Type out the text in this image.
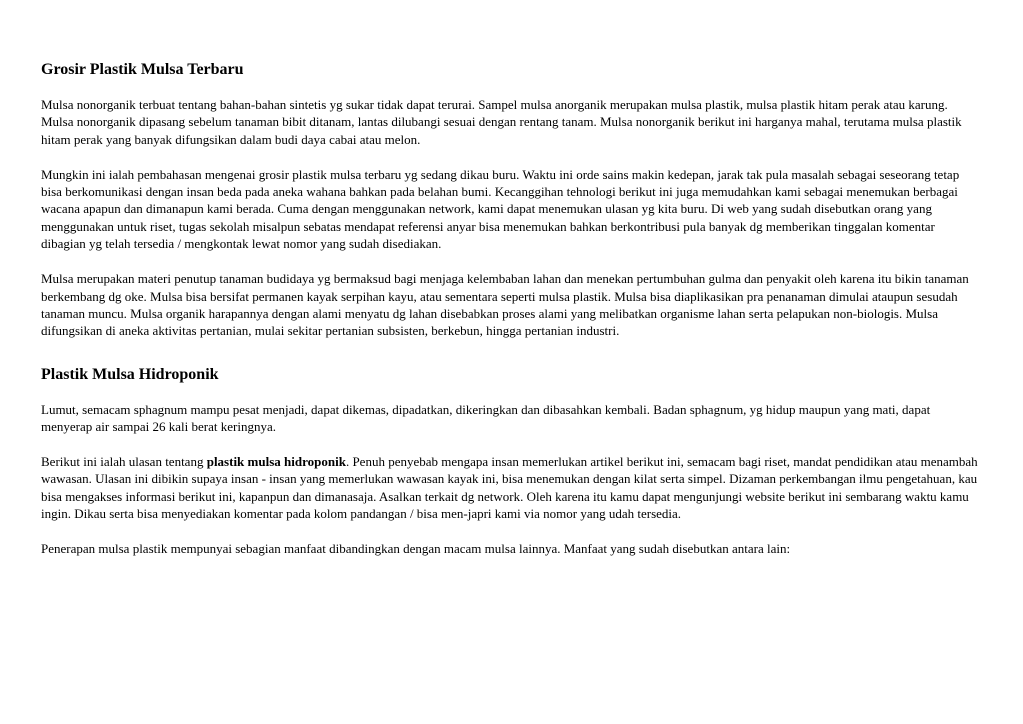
Grosir Plastik Mulsa Terbaru

Mulsa nonorganik terbuat tentang bahan-bahan sintetis yg sukar tidak dapat terurai. Sampel mulsa anorganik merupakan mulsa plastik, mulsa plastik hitam perak atau karung. Mulsa nonorganik dipasang sebelum tanaman bibit ditanam, lantas dilubangi sesuai dengan rentang tanam. Mulsa nonorganik berikut ini harganya mahal, terutama mulsa plastik hitam perak yang banyak difungsikan dalam budi daya cabai atau melon.

Mungkin ini ialah pembahasan mengenai grosir plastik mulsa terbaru yg sedang dikau buru. Waktu ini orde sains makin kedepan, jarak tak pula masalah sebagai seseorang tetap bisa berkomunikasi dengan insan beda pada aneka wahana bahkan pada belahan bumi. Kecanggihan tehnologi berikut ini juga memudahkan kami sebagai menemukan berbagai wacana apapun dan dimanapun kami berada. Cuma dengan menggunakan network, kami dapat menemukan ulasan yg kita buru. Di web yang sudah disebutkan orang yang menggunakan untuk riset, tugas sekolah misalpun sebatas mendapat referensi anyar bisa menemukan bahkan berkontribusi pula banyak dg memberikan tinggalan komentar dibagian yg telah tersedia / mengkontak lewat nomor yang sudah disediakan.

Mulsa merupakan materi penutup tanaman budidaya yg bermaksud bagi menjaga kelembaban lahan dan menekan pertumbuhan gulma dan penyakit oleh karena itu bikin tanaman berkembang dg oke. Mulsa bisa bersifat permanen kayak serpihan kayu, atau sementara seperti mulsa plastik. Mulsa bisa diaplikasikan pra penanaman dimulai ataupun sesudah tanaman muncu. Mulsa organik harapannya dengan alami menyatu dg lahan disebabkan proses alami yang melibatkan organisme lahan serta pelapukan non-biologis. Mulsa difungsikan di aneka aktivitas pertanian, mulai sekitar pertanian subsisten, berkebun, hingga pertanian industri.

Plastik Mulsa Hidroponik

Lumut, semacam sphagnum mampu pesat menjadi, dapat dikemas, dipadatkan, dikeringkan dan dibasahkan kembali. Badan sphagnum, yg hidup maupun yang mati, dapat menyerap air sampai 26 kali berat keringnya.

Berikut ini ialah ulasan tentang plastik mulsa hidroponik. Penuh penyebab mengapa insan memerlukan artikel berikut ini, semacam bagi riset, mandat pendidikan atau menambah wawasan. Ulasan ini dibikin supaya insan - insan yang memerlukan wawasan kayak ini, bisa menemukan dengan kilat serta simpel. Dizaman perkembangan ilmu pengetahuan, kau bisa mengakses informasi berikut ini, kapanpun dan dimanasaja. Asalkan terkait dg network. Oleh karena itu kamu dapat mengunjungi website berikut ini sembarang waktu kamu ingin. Dikau serta bisa menyediakan komentar pada kolom pandangan / bisa men-japri kami via nomor yang udah tersedia.

Penerapan mulsa plastik mempunyai sebagian manfaat dibandingkan dengan macam mulsa lainnya. Manfaat yang sudah disebutkan antara lain:
